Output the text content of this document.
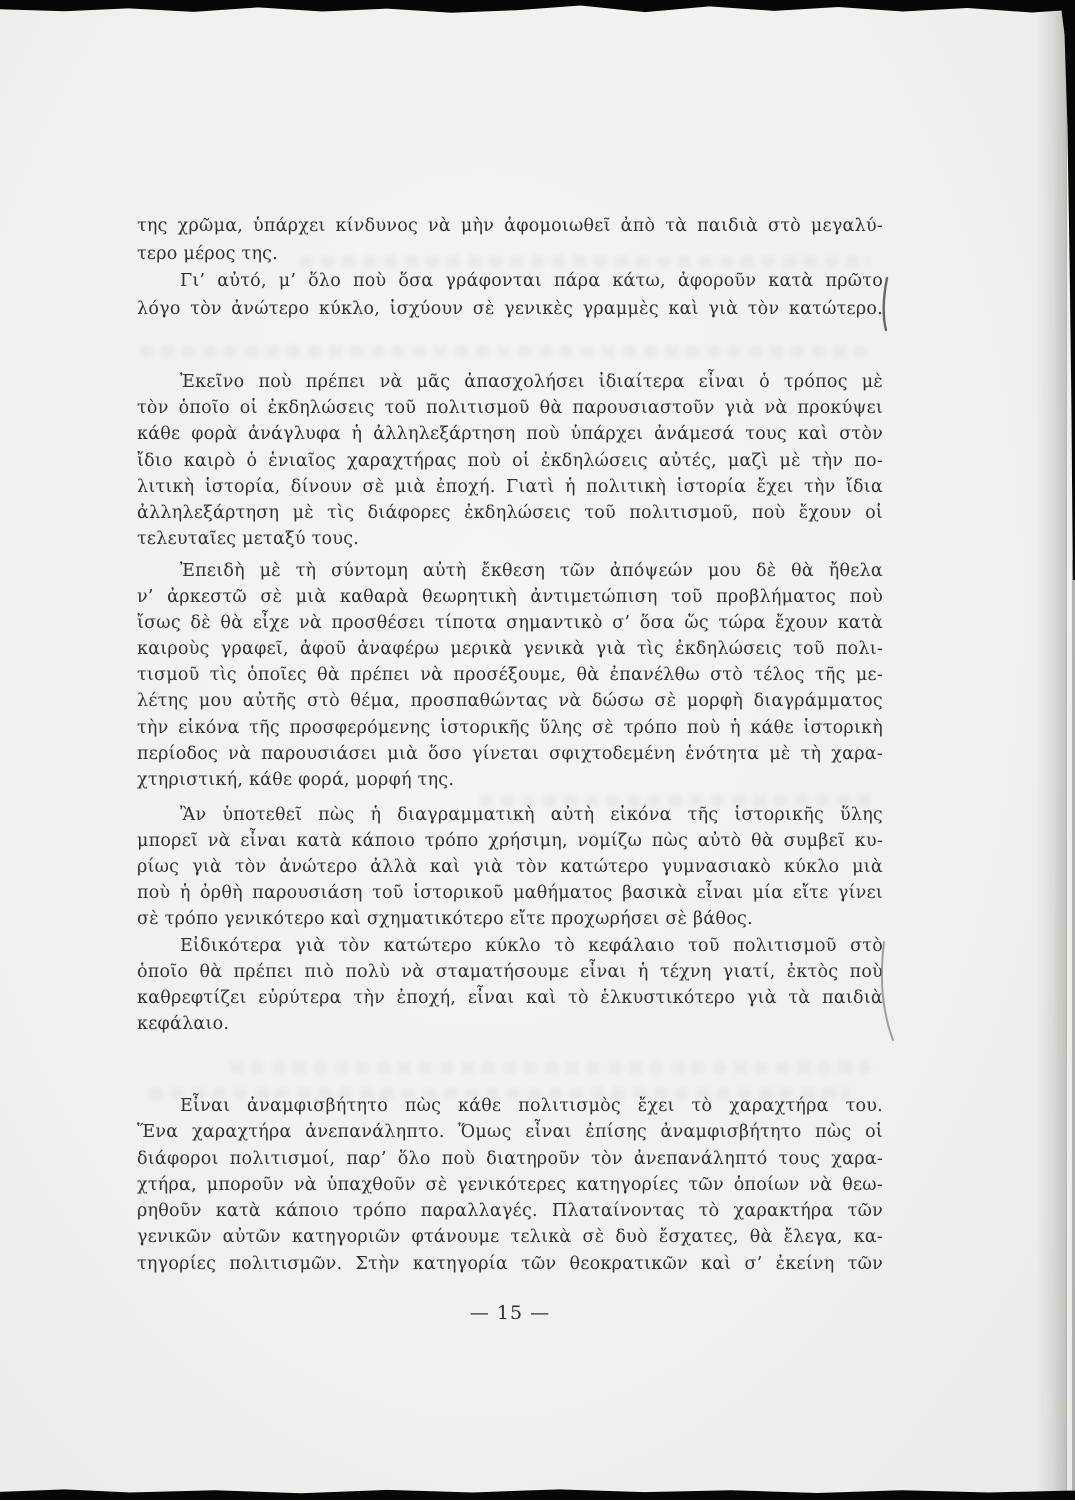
της χρῶμα, ὑπάρχει κίνδυνος νὰ μὴν ἀφομοιωθεῖ ἀπὸ τὰ παιδιὰ στὸ μεγαλύ-
τερο μέρος της.
Γι’ αὐτό, μ’ ὅλο ποὺ ὅσα γράφονται πάρα κάτω, ἀφοροῦν κατὰ πρῶτο
λόγο τὸν ἀνώτερο κύκλο, ἰσχύουν σὲ γενικὲς γραμμὲς καὶ γιὰ τὸν κατώτερο.
Ἐκεῖνο ποὺ πρέπει νὰ μᾶς ἀπασχολήσει ἰδιαίτερα εἶναι ὁ τρόπος μὲ
τὸν ὁποῖο οἱ ἐκδηλώσεις τοῦ πολιτισμοῦ θὰ παρουσιαστοῦν γιὰ νὰ προκύψει
κάθε φορὰ ἀνάγλυφα ἡ ἀλληλεξάρτηση ποὺ ὑπάρχει ἀνάμεσά τους καὶ στὸν
ἴδιο καιρὸ ὁ ἑνιαῖος χαραχτήρας ποὺ οἱ ἐκδηλώσεις αὐτές, μαζὶ μὲ τὴν πο-
λιτικὴ ἱστορία, δίνουν σὲ μιὰ ἐποχή. Γιατὶ ἡ πολιτικὴ ἱστορία ἔχει τὴν ἴδια
ἀλληλεξάρτηση μὲ τὶς διάφορες ἐκδηλώσεις τοῦ πολιτισμοῦ, ποὺ ἔχουν οἱ
τελευταῖες μεταξύ τους.
Ἐπειδὴ μὲ τὴ σύντομη αὐτὴ ἔκθεση τῶν ἀπόψεών μου δὲ θὰ ἤθελα
ν’ ἀρκεστῶ σὲ μιὰ καθαρὰ θεωρητικὴ ἀντιμετώπιση τοῦ προβλήματος ποὺ
ἴσως δὲ θὰ εἶχε νὰ προσθέσει τίποτα σημαντικὸ σ’ ὅσα ὥς τώρα ἔχουν κατὰ
καιροὺς γραφεῖ, ἀφοῦ ἀναφέρω μερικὰ γενικὰ γιὰ τὶς ἐκδηλώσεις τοῦ πολι-
τισμοῦ τὶς ὁποῖες θὰ πρέπει νὰ προσέξουμε, θὰ ἐπανέλθω στὸ τέλος τῆς με-
λέτης μου αὐτῆς στὸ θέμα, προσπαθώντας νὰ δώσω σὲ μορφὴ διαγράμματος
τὴν εἰκόνα τῆς προσφερόμενης ἱστορικῆς ὕλης σὲ τρόπο ποὺ ἡ κάθε ἱστορικὴ
περίοδος νὰ παρουσιάσει μιὰ ὅσο γίνεται σφιχτοδεμένη ἑνότητα μὲ τὴ χαρα-
χτηριστική, κάθε φορά, μορφή της.
Ἂν ὑποτεθεῖ πὼς ἡ διαγραμματικὴ αὐτὴ εἰκόνα τῆς ἱστορικῆς ὕλης
μπορεῖ νὰ εἶναι κατὰ κάποιο τρόπο χρήσιμη, νομίζω πὼς αὐτὸ θὰ συμβεῖ κυ-
ρίως γιὰ τὸν ἀνώτερο ἀλλὰ καὶ γιὰ τὸν κατώτερο γυμνασιακὸ κύκλο μιὰ
ποὺ ἡ ὀρθὴ παρουσιάση τοῦ ἱστορικοῦ μαθήματος βασικὰ εἶναι μία εἴτε γίνει
σὲ τρόπο γενικότερο καὶ σχηματικότερο εἴτε προχωρήσει σὲ βάθος.
Εἰδικότερα γιὰ τὸν κατώτερο κύκλο τὸ κεφάλαιο τοῦ πολιτισμοῦ στὸ
ὁποῖο θὰ πρέπει πιὸ πολὺ νὰ σταματήσουμε εἶναι ἡ τέχνη γιατί, ἐκτὸς ποὺ
καθρεφτίζει εὐρύτερα τὴν ἐποχή, εἶναι καὶ τὸ ἑλκυστικότερο γιὰ τὰ παιδιὰ
κεφάλαιο.
Εἶναι ἀναμφισβήτητο πὼς κάθε πολιτισμὸς ἔχει τὸ χαραχτήρα του.
Ἕνα χαραχτήρα ἀνεπανάληπτο. Ὅμως εἶναι ἐπίσης ἀναμφισβήτητο πὼς οἱ
διάφοροι πολιτισμοί, παρ’ ὅλο ποὺ διατηροῦν τὸν ἀνεπανάληπτό τους χαρα-
χτήρα, μποροῦν νὰ ὑπαχθοῦν σὲ γενικότερες κατηγορίες τῶν ὁποίων νὰ θεω-
ρηθοῦν κατὰ κάποιο τρόπο παραλλαγές. Πλαταίνοντας τὸ χαρακτήρα τῶν
γενικῶν αὐτῶν κατηγοριῶν φτάνουμε τελικὰ σὲ δυὸ ἔσχατες, θὰ ἔλεγα, κα-
τηγορίες πολιτισμῶν. Στὴν κατηγορία τῶν θεοκρατικῶν καὶ σ’ ἐκείνη τῶν
— 15 —
